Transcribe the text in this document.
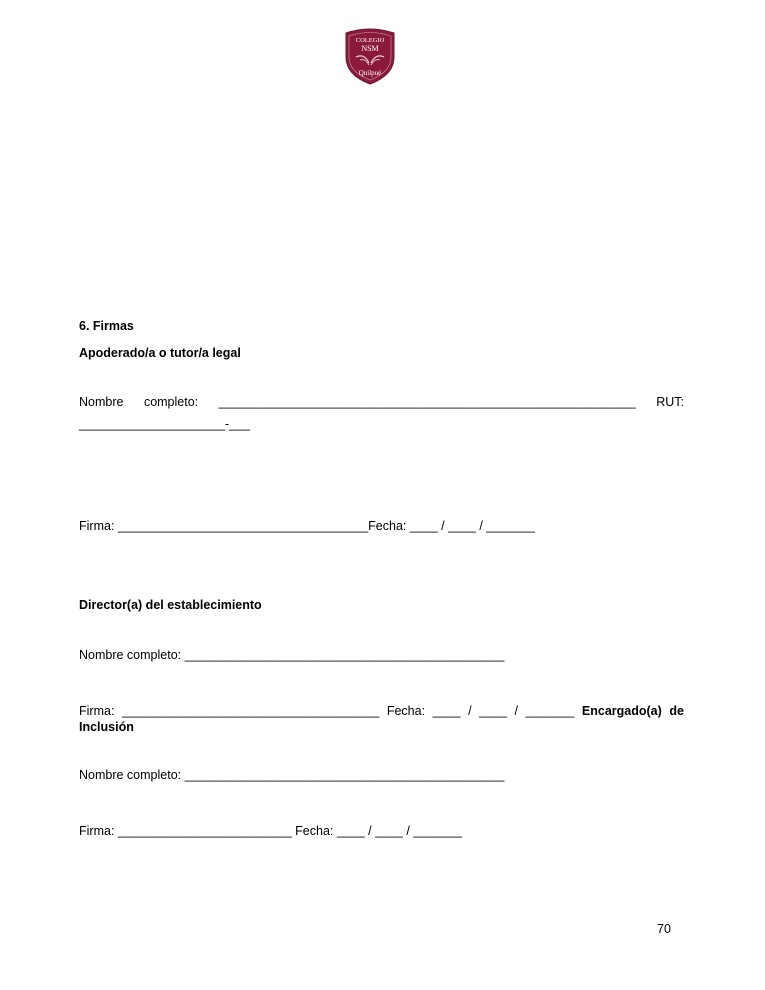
COLEGIO
NSM
Quilpué
6. Firmas
Apoderado/a o tutor/a legal
Nombre completo: ____________________________________________________________ RUT:
_____________________-___
Firma: ____________________________________Fecha: ____ / ____ / _______
Director(a) del establecimiento
Nombre completo: ______________________________________________
Firma: _____________________________________ Fecha: ____ / ____ / _______ Encargado(a) de
Inclusión
Nombre completo: ______________________________________________
Firma: _________________________ Fecha: ____ / ____ / _______
70
